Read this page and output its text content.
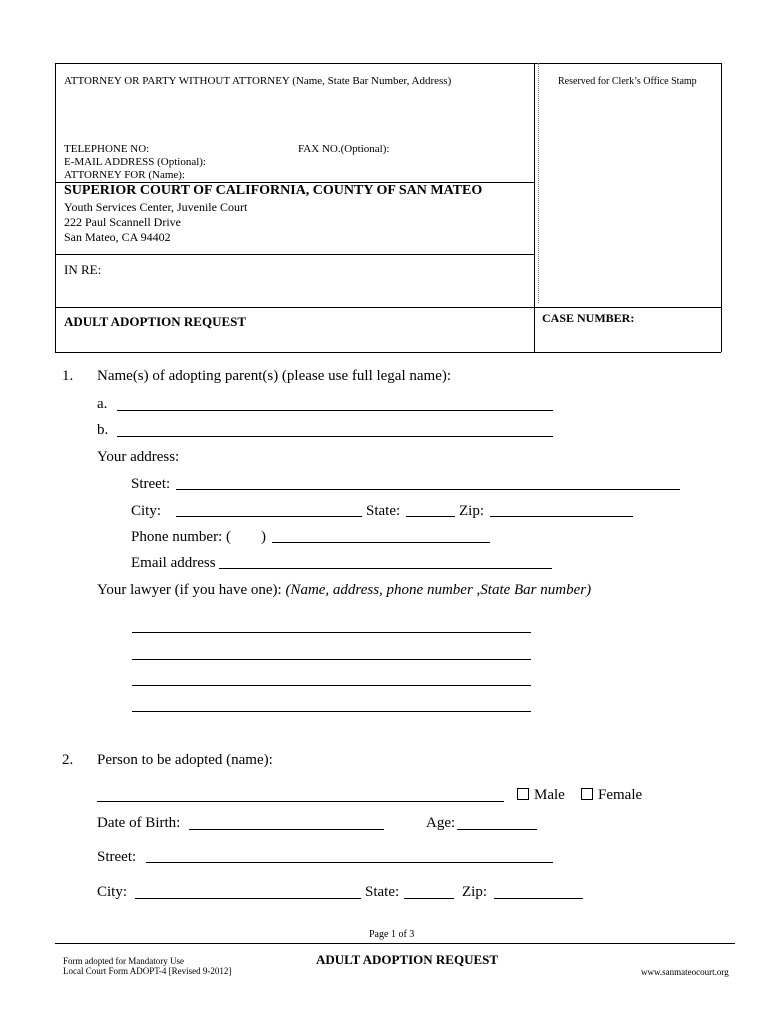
ATTORNEY OR PARTY WITHOUT ATTORNEY (Name, State Bar Number, Address)	Reserved for Clerk’s Office Stamp
TELEPHONE NO:	FAX NO.(Optional):
E-MAIL ADDRESS (Optional):
ATTORNEY FOR (Name):
SUPERIOR COURT OF CALIFORNIA, COUNTY OF SAN MATEO
Youth Services Center, Juvenile Court
222 Paul Scannell Drive
San Mateo, CA 94402
IN RE:
ADULT ADOPTION REQUEST	CASE NUMBER:
1. Name(s) of adopting parent(s) (please use full legal name):
a.
b.
Your address:
Street:
City:	State:	Zip:
Phone number: ( )
Email address
Your lawyer (if you have one): (Name, address, phone number ,State Bar number)
2. Person to be adopted (name):
Male	Female
Date of Birth:	Age:
Street:
City:	State:	Zip:
Page 1 of 3
Form adopted for Mandatory Use
Local Court Form ADOPT-4 [Revised 9-2012]
ADULT ADOPTION REQUEST
www.sanmateocourt.org
